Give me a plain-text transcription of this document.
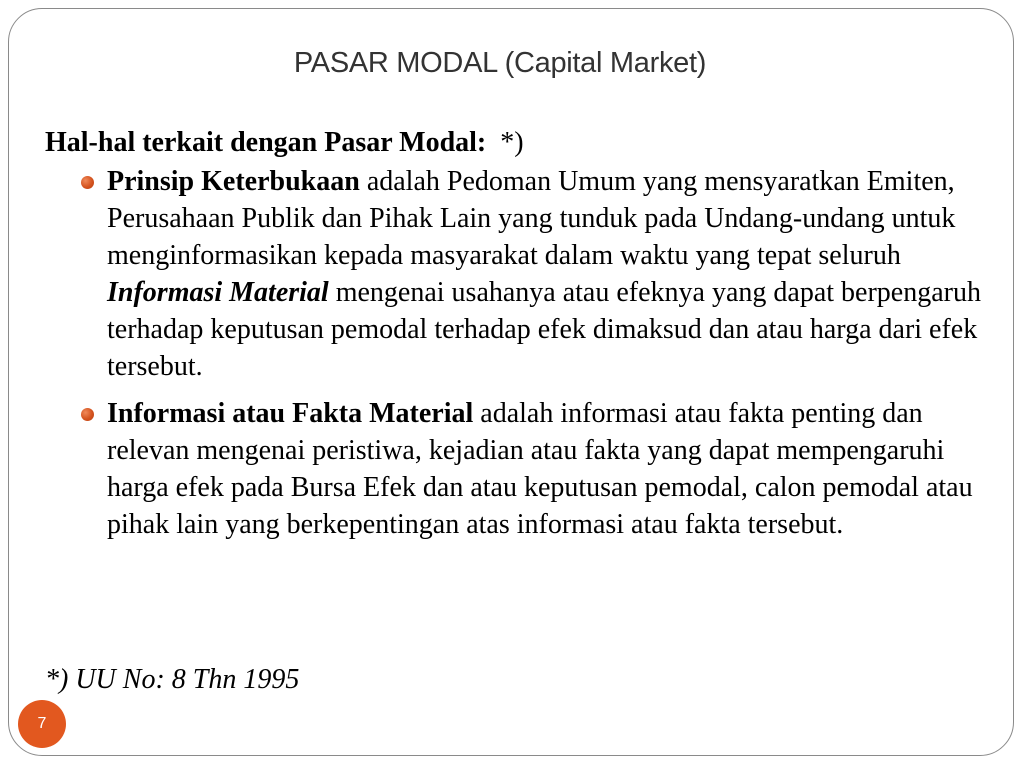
PASAR MODAL (Capital Market)

Hal-hal terkait dengan Pasar Modal: *)

Prinsip Keterbukaan adalah Pedoman Umum yang mensyaratkan Emiten, Perusahaan Publik dan Pihak Lain yang tunduk pada Undang-undang untuk menginformasikan kepada masyarakat dalam waktu yang tepat seluruh Informasi Material mengenai usahanya atau efeknya yang dapat berpengaruh terhadap keputusan pemodal terhadap efek dimaksud dan atau harga dari efek tersebut.
Informasi atau Fakta Material adalah informasi atau fakta penting dan relevan mengenai peristiwa, kejadian atau fakta yang dapat mempengaruhi harga efek pada Bursa Efek dan atau keputusan pemodal, calon pemodal atau pihak lain yang berkepentingan atas informasi atau fakta tersebut.
*) UU No: 8 Thn 1995
7
